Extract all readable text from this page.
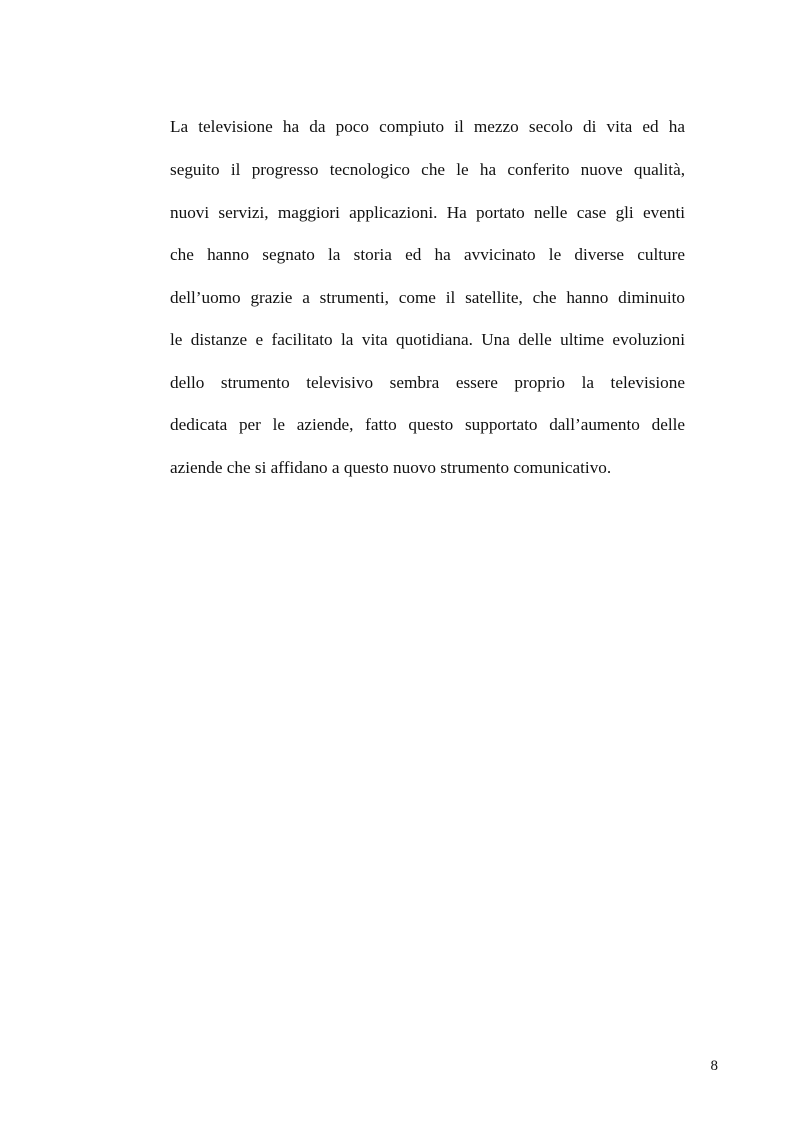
La televisione ha da poco compiuto il mezzo secolo di vita ed ha

seguito il progresso tecnologico che le ha conferito nuove qualità,

nuovi servizi, maggiori applicazioni. Ha portato nelle case gli eventi

che hanno segnato la storia ed ha avvicinato le diverse culture

dell’uomo grazie a strumenti, come il satellite, che hanno diminuito

le distanze e facilitato la vita quotidiana. Una delle ultime evoluzioni

dello strumento televisivo sembra essere proprio la televisione

dedicata per le aziende, fatto questo supportato dall’aumento delle

aziende che si affidano a questo nuovo strumento comunicativo.

8
